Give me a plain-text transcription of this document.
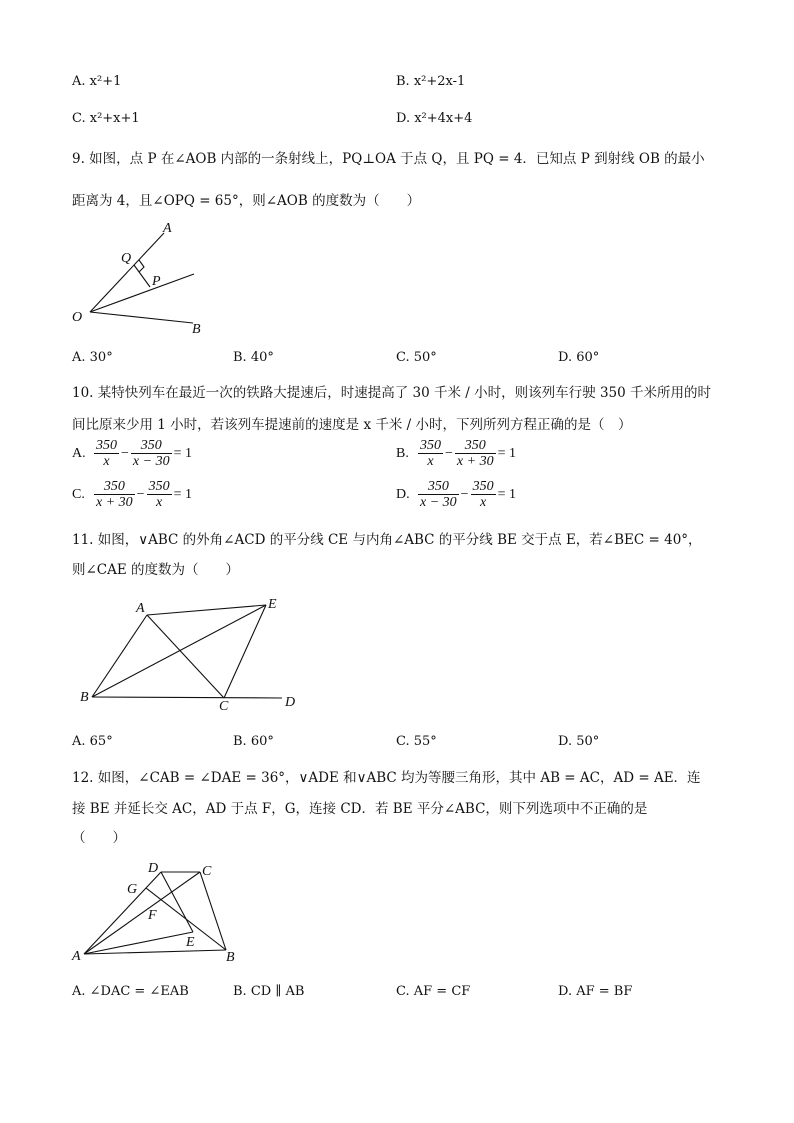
A. x²+1	B. x²+2x-1
C. x²+x+1	D. x²+4x+4
9. 如图，点 P 在∠AOB 内部的一条射线上，PQ⊥OA 于点 Q，且 PQ = 4．已知点 P 到射线 OB 的最小
距离为 4，且∠OPQ = 65°，则∠AOB 的度数为（　　）
A
Q
P
O
B
A. 30°	B. 40°	C. 50°	D. 60°
10. 某特快列车在最近一次的铁路大提速后，时速提高了 30 千米 / 小时，则该列车行驶 350 千米所用的时
间比原来少用 1 小时，若该列车提速前的速度是 x 千米 / 小时，下列所列方程正确的是（　）
A. $\frac{350}{x} - \frac{350}{x - 30} = 1$	B. $\frac{350}{x} - \frac{350}{x + 30} = 1$
C. $\frac{350}{x + 30} - \frac{350}{x} = 1$	D. $\frac{350}{x - 30} - \frac{350}{x} = 1$
11. 如图，∨ABC 的外角∠ACD 的平分线 CE 与内角∠ABC 的平分线 BE 交于点 E，若∠BEC = 40°，
则∠CAE 的度数为（　　）
A	E
B
C	D
A. 65°	B. 60°	C. 55°	D. 50°
12. 如图，∠CAB = ∠DAE = 36°，∨ADE 和∨ABC 均为等腰三角形，其中 AB = AC，AD = AE．连
接 BE 并延长交 AC，AD 于点 F，G，连接 CD．若 BE 平分∠ABC，则下列选项中不正确的是
（　　）
D	C
G
F
E
A	B
A. ∠DAC = ∠EAB	B. CD ∥ AB	C. AF = CF	D. AF = BF
